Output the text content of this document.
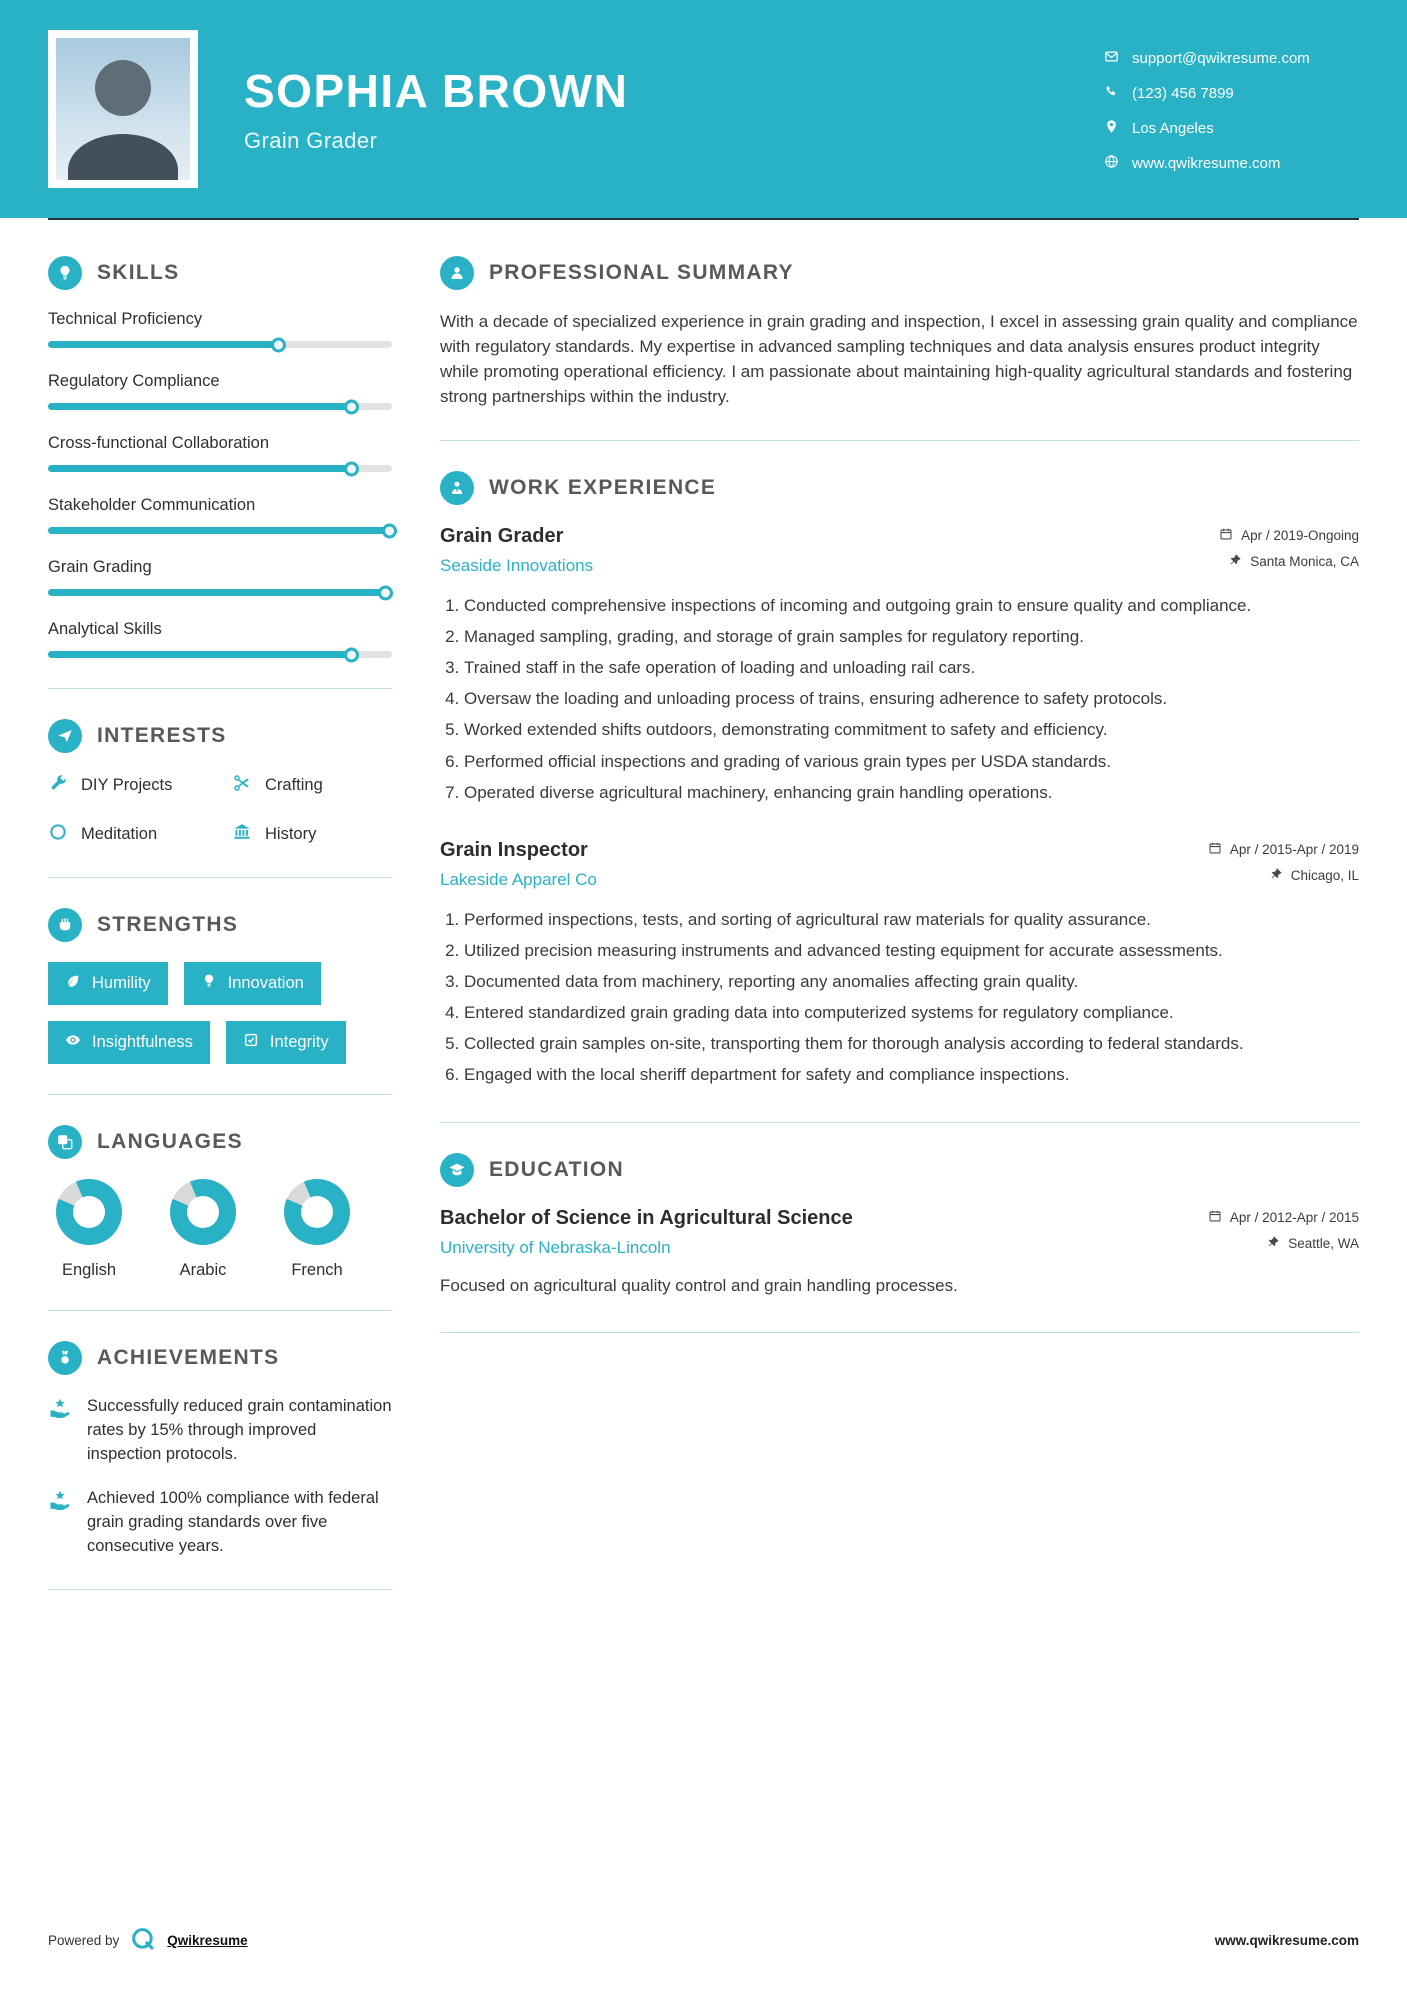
SOPHIA BROWN
Grain Grader
support@qwikresume.com
(123) 456 7899
Los Angeles
www.qwikresume.com
SKILLS
Technical Proficiency
Regulatory Compliance
Cross-functional Collaboration
Stakeholder Communication
Grain Grading
Analytical Skills
INTERESTS
DIY Projects	Crafting
Meditation	History
STRENGTHS
Humility	Innovation
Insightfulness	Integrity
LANGUAGES
English	Arabic	French
ACHIEVEMENTS
Successfully reduced grain contamination rates by 15% through improved inspection protocols.
Achieved 100% compliance with federal grain grading standards over five consecutive years.
PROFESSIONAL SUMMARY

With a decade of specialized experience in grain grading and inspection, I excel in assessing grain quality and compliance with regulatory standards. My expertise in advanced sampling techniques and data analysis ensures product integrity while promoting operational efficiency. I am passionate about maintaining high-quality agricultural standards and fostering strong partnerships within the industry.

WORK EXPERIENCE
Grain Grader
Seaside Innovations
Apr / 2019-Ongoing
Santa Monica, CA
1. Conducted comprehensive inspections of incoming and outgoing grain to ensure quality and compliance.
2. Managed sampling, grading, and storage of grain samples for regulatory reporting.
3. Trained staff in the safe operation of loading and unloading rail cars.
4. Oversaw the loading and unloading process of trains, ensuring adherence to safety protocols.
5. Worked extended shifts outdoors, demonstrating commitment to safety and efficiency.
6. Performed official inspections and grading of various grain types per USDA standards.
7. Operated diverse agricultural machinery, enhancing grain handling operations.
Grain Inspector
Lakeside Apparel Co
Apr / 2015-Apr / 2019
Chicago, IL
1. Performed inspections, tests, and sorting of agricultural raw materials for quality assurance.
2. Utilized precision measuring instruments and advanced testing equipment for accurate assessments.
3. Documented data from machinery, reporting any anomalies affecting grain quality.
4. Entered standardized grain grading data into computerized systems for regulatory compliance.
5. Collected grain samples on-site, transporting them for thorough analysis according to federal standards.
6. Engaged with the local sheriff department for safety and compliance inspections.
EDUCATION
Bachelor of Science in Agricultural Science
University of Nebraska-Lincoln
Apr / 2012-Apr / 2015
Seattle, WA

Focused on agricultural quality control and grain handling processes.

Powered by	Qwikresume	www.qwikresume.com
